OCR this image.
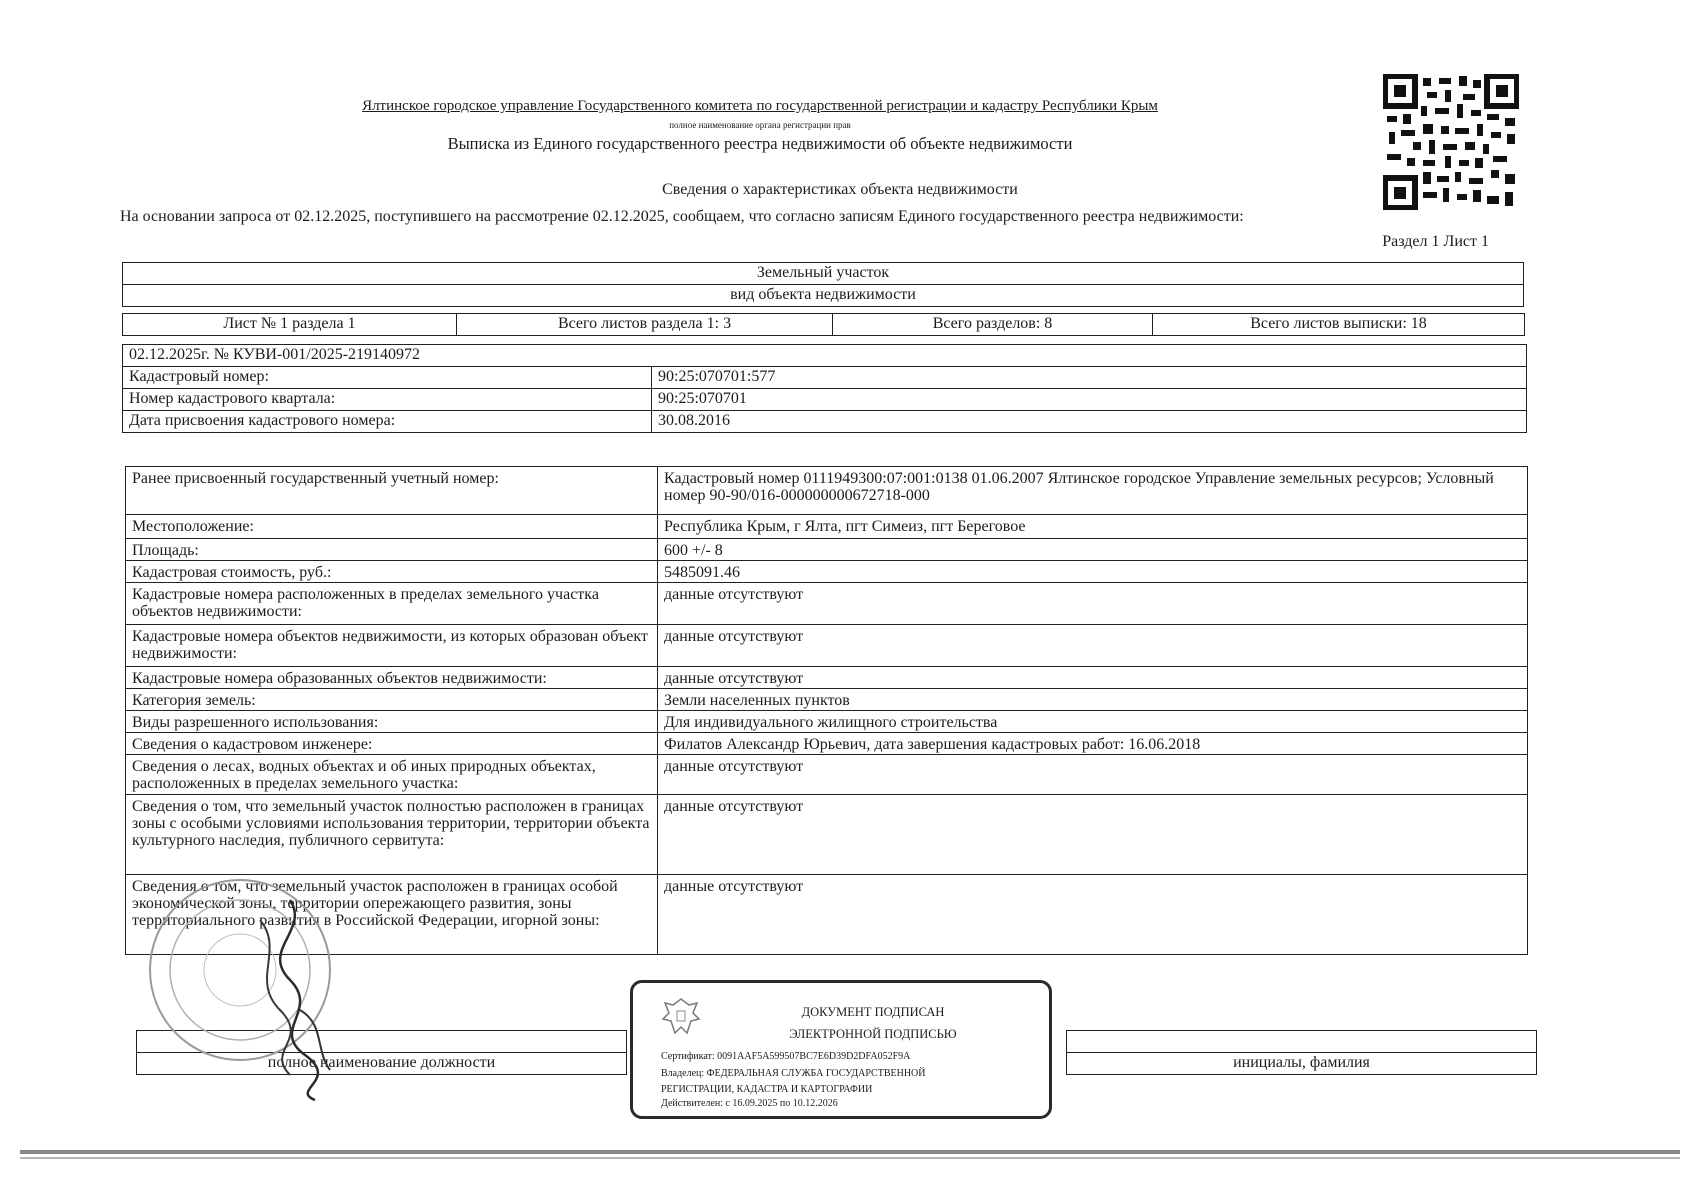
Ялтинское городское управление Государственного комитета по государственной регистрации и кадастру Республики Крым
полное наименование органа регистрации прав
Выписка из Единого государственного реестра недвижимости об объекте недвижимости
Сведения о характеристиках объекта недвижимости
На основании запроса от 02.12.2025, поступившего на рассмотрение 02.12.2025, сообщаем, что согласно записям Единого государственного реестра недвижимости:
Раздел 1 Лист 1
Земельный участок
вид объекта недвижимости
Лист № 1 раздела 1	Всего листов раздела 1: 3	Всего разделов: 8	Всего листов выписки: 18
02.12.2025г. № КУВИ-001/2025-219140972	
Кадастровый номер:	90:25:070701:577
Номер кадастрового квартала:	90:25:070701
Дата присвоения кадастрового номера:	30.08.2016
Ранее присвоенный государственный учетный номер:	Кадастровый номер 0111949300:07:001:0138 01.06.2007 Ялтинское городское Управление земельных ресурсов; Условный номер 90-90/016-000000000672718-000
Местоположение:	Республика Крым, г Ялта, пгт Симеиз, пгт Береговое
Площадь:	600 +/- 8
Кадастровая стоимость, руб.:	5485091.46
Кадастровые номера расположенных в пределах земельного участка объектов недвижимости:	данные отсутствуют
Кадастровые номера объектов недвижимости, из которых образован объект недвижимости:	данные отсутствуют
Кадастровые номера образованных объектов недвижимости:	данные отсутствуют
Категория земель:	Земли населенных пунктов
Виды разрешенного использования:	Для индивидуального жилищного строительства
Сведения о кадастровом инженере:	Филатов Александр Юрьевич, дата завершения кадастровых работ: 16.06.2018
Сведения о лесах, водных объектах и об иных природных объектах, расположенных в пределах земельного участка:	данные отсутствуют
Сведения о том, что земельный участок полностью расположен в границах зоны с особыми условиями использования территории, территории объекта культурного наследия, публичного сервитута:	данные отсутствуют
Сведения о том, что земельный участок расположен в границах особой экономической зоны, территории опережающего развития, зоны территориального развития в Российской Федерации, игорной зоны:	данные отсутствуют

полное наименование должности		инициалы, фамилия
ДОКУМЕНТ ПОДПИСАН
ЭЛЕКТРОННОЙ ПОДПИСЬЮ
Сертификат: 0091AAF5A599507BC7E6D39D2DFA052F9A
Владелец: ФЕДЕРАЛЬНАЯ СЛУЖБА ГОСУДАРСТВЕННОЙ
РЕГИСТРАЦИИ, КАДАСТРА И КАРТОГРАФИИ
Действителен: с 16.09.2025 по 10.12.2026
